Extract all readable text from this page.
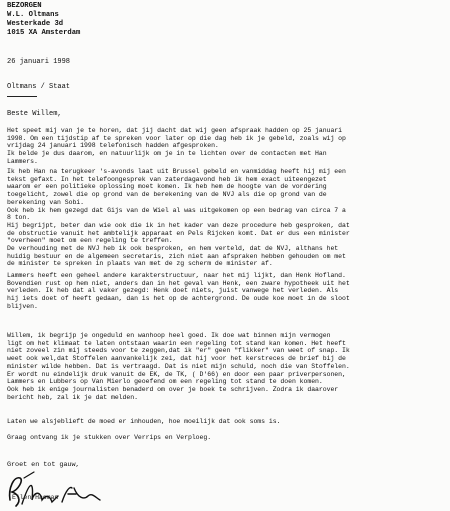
BEZORGEN
W.L. Oltmans
Westerkade 3d
1015 XA Amsterdam
26 januari 1998
Oltmans / Staat
Beste Willem,

Het speet mij van je te horen, dat jij dacht dat wij geen afspraak hadden op 25 januari

1998. Om een tijdstip af te spreken voor later op die dag heb ik je gebeld, zoals wij op

vrijdag 24 januari 1998 telefonisch hadden afgesproken.

Ik belde je dus daarom, en natuurlijk om je in te lichten over de contacten met Han

Lammers.

Ik heb Han na terugkeer 's-avonds laat uit Brussel gebeld en vanmiddag heeft hij mij een

tekst gefaxt. In het telefoongesprek van zaterdagavond heb ik hem exact uiteengezet

waarom er een politieke oplossing moet komen. Ik heb hem de hoogte van de vordering

toegelicht, zowel die op grond van de berekening van de NVJ als die op grond van de

berekening van Sobi.

Ook heb ik hem gezegd dat Gijs van de Wiel al was uitgekomen op een bedrag van circa 7 a

8 ton.

Hij begrijpt, beter dan wie ook die ik in het kader van deze procedure heb gesproken, dat

de obstructie vanuit het ambtelijk apparaat en Pels Rijcken komt. Dat er dus een minister

"overheen" moet om een regeling te treffen.

De verhouding met de NVJ heb ik ook besproken, en hem verteld, dat de NVJ, althans het

huidig bestuur en de algemeen secretaris, zich niet aan afspraken hebben gehouden om met

de minister te spreken in plaats van met de zg scherm de minister af.

Lammers heeft een geheel andere karakterstructuur, naar het mij lijkt, dan Henk Hofland.

Bovendien rust op hem niet, anders dan in het geval van Henk, een zware hypotheek uit het

verleden. Ik heb dat al vaker gezegd: Henk doet niets, juist vanwege het verleden. Als

hij iets doet of heeft gedaan, dan is het op de achtergrond. De oude koe moet in de sloot

blijven.

Willem, ik begrijp je ongeduld en wanhoop heel goed. Ik doe wat binnen mijn vermogen

ligt om het klimaat te laten ontstaan waarin een regeling tot stand kan komen. Het heeft

niet zoveel zin mij steeds voor te zeggen,dat ik "er" geen "flikker" van weet of snap. Ik

weet ook wel,dat Stoffelen aanvankelijk zei, dat hij voor het kerstreces de brief bij de

minister wilde hebben. Dat is vertraagd. Dat is niet mijn schuld, noch die van Stoffelen.

Er wordt nu eindelijk druk vanuit de EK, de TK, ( D'66) en door een paar priverpersonen,

Lammers en Lubbers op Van Mierlo geoefend om een regeling tot stand te doen komen.

Ook heb ik enige journalisten benaderd om over je boek te schrijven. Zodra ik daarover

bericht heb, zal ik je dat melden.

Laten we alsjeblieft de moed er inhouden, hoe moeilijk dat ook soms is.

Graag ontvang ik je stukken over Verrips en Verploeg.

Groet en tot gauw,
Ellen Hasman
